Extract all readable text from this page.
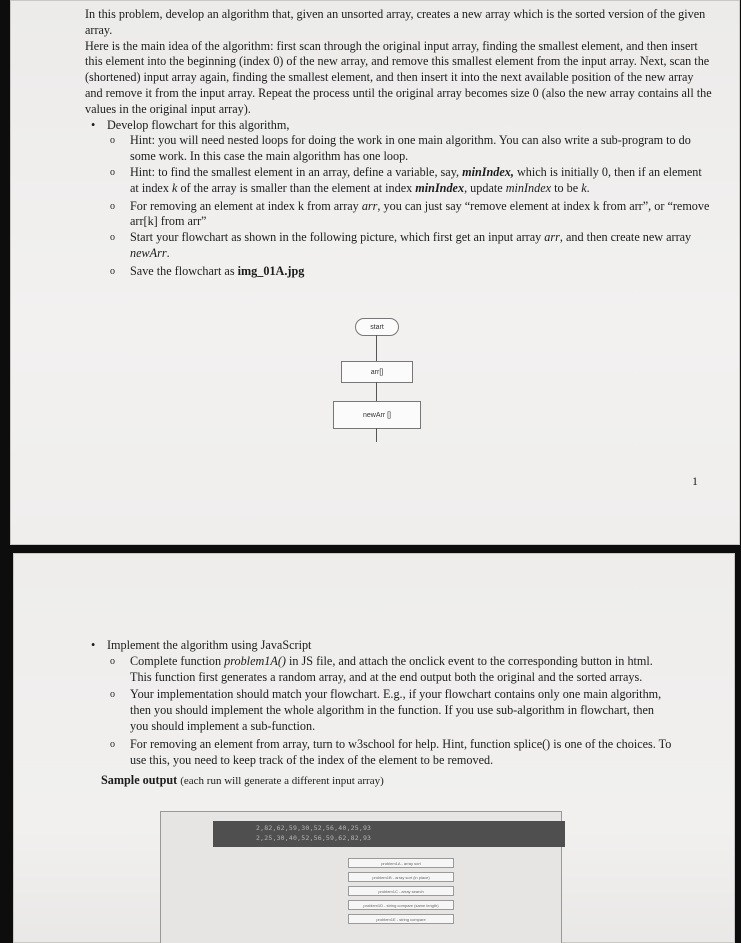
In this problem, develop an algorithm that, given an unsorted array, creates a new array which is the sorted version of the given array.

Here is the main idea of the algorithm: first scan through the original input array, finding the smallest element, and then insert this element into the beginning (index 0) of the new array, and remove this smallest element from the input array. Next, scan the (shortened) input array again, finding the smallest element, and then insert it into the next available position of the new array and remove it from the input array. Repeat the process until the original array becomes size 0 (also the new array contains all the values in the original input array).

• Develop flowchart for this algorithm,

o Hint: you will need nested loops for doing the work in one main algorithm. You can also write a sub-program to do some work. In this case the main algorithm has one loop.

o Hint: to find the smallest element in an array, define a variable, say, minIndex, which is initially 0, then if an element at index k of the array is smaller than the element at index minIndex, update minIndex to be k.

o For removing an element at index k from array arr, you can just say “remove element at index k from arr”, or “remove arr[k] from arr”

o Start your flowchart as shown in the following picture, which first get an input array arr, and then create new array newArr.

o Save the flowchart as img_01A.jpg

start
arr[]
newArr []
1

• Implement the algorithm using JavaScript

o Complete function problem1A() in JS file, and attach the onclick event to the corresponding button in html. This function first generates a random array, and at the end output both the original and the sorted arrays.

o Your implementation should match your flowchart. E.g., if your flowchart contains only one main algorithm, then you should implement the whole algorithm in the function. If you use sub-algorithm in flowchart, then you should implement a sub-function.

o For removing an element from array, turn to w3school for help. Hint, function splice() is one of the choices. To use this, you need to keep track of the index of the element to be removed.

Sample output (each run will generate a different input array)

2,82,62,59,30,52,56,40,25,93
2,25,30,40,52,56,59,62,82,93
problem1A - array sort
problem1B - array sort (in place)
problem1C - array search
problem1D - string compare (same length)
problem1E - string compare
